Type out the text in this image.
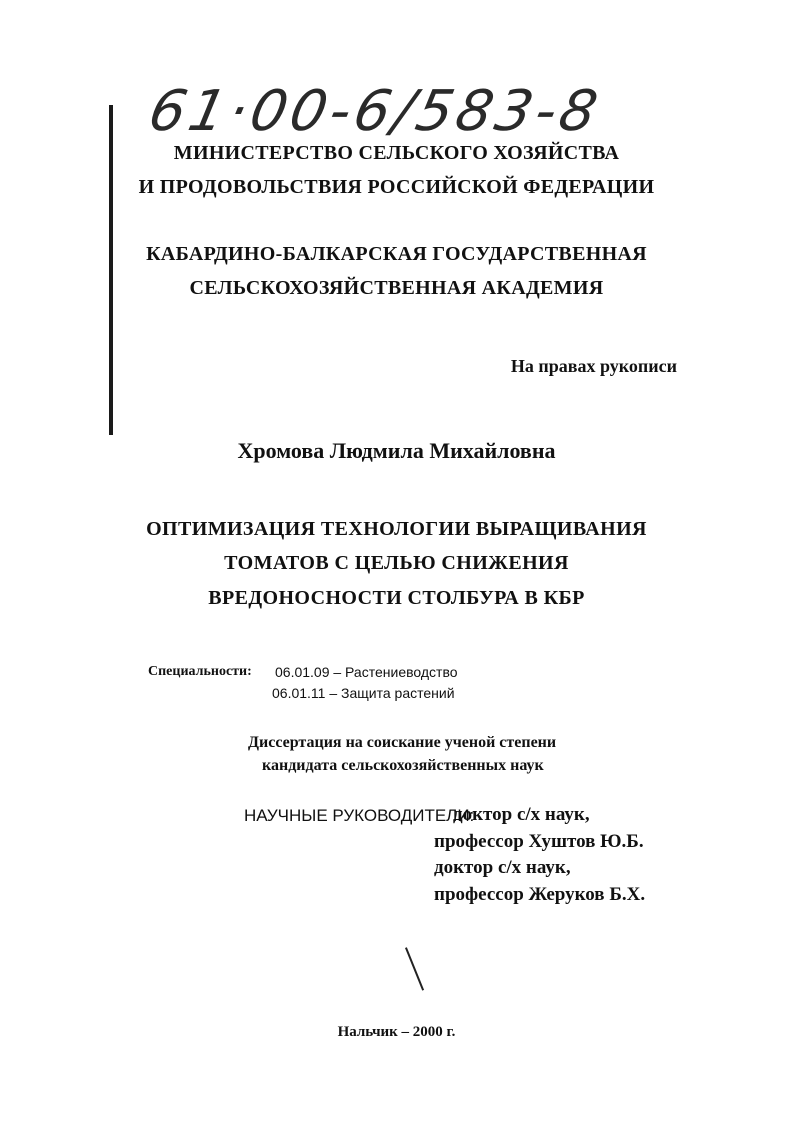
61·00-6/583-8
МИНИСТЕРСТВО СЕЛЬСКОГО ХОЗЯЙСТВА
И ПРОДОВОЛЬСТВИЯ РОССИЙСКОЙ ФЕДЕРАЦИИ
КАБАРДИНО-БАЛКАРСКАЯ ГОСУДАРСТВЕННАЯ
СЕЛЬСКОХОЗЯЙСТВЕННАЯ АКАДЕМИЯ
На правах рукописи
Хромова Людмила Михайловна
ОПТИМИЗАЦИЯ ТЕХНОЛОГИИ ВЫРАЩИВАНИЯ
ТОМАТОВ С ЦЕЛЬЮ СНИЖЕНИЯ
ВРЕДОНОСНОСТИ СТОЛБУРА В КБР
Специальности: 06.01.09 – Растениеводство
06.01.11 – Защита растений
Диссертация на соискание ученой степени
кандидата сельскохозяйственных наук
НАУЧНЫЕ РУКОВОДИТЕЛИ:
доктор с/х наук,
профессор Хуштов Ю.Б.
доктор с/х наук,
профессор Жеруков Б.Х.
Нальчик – 2000 г.
